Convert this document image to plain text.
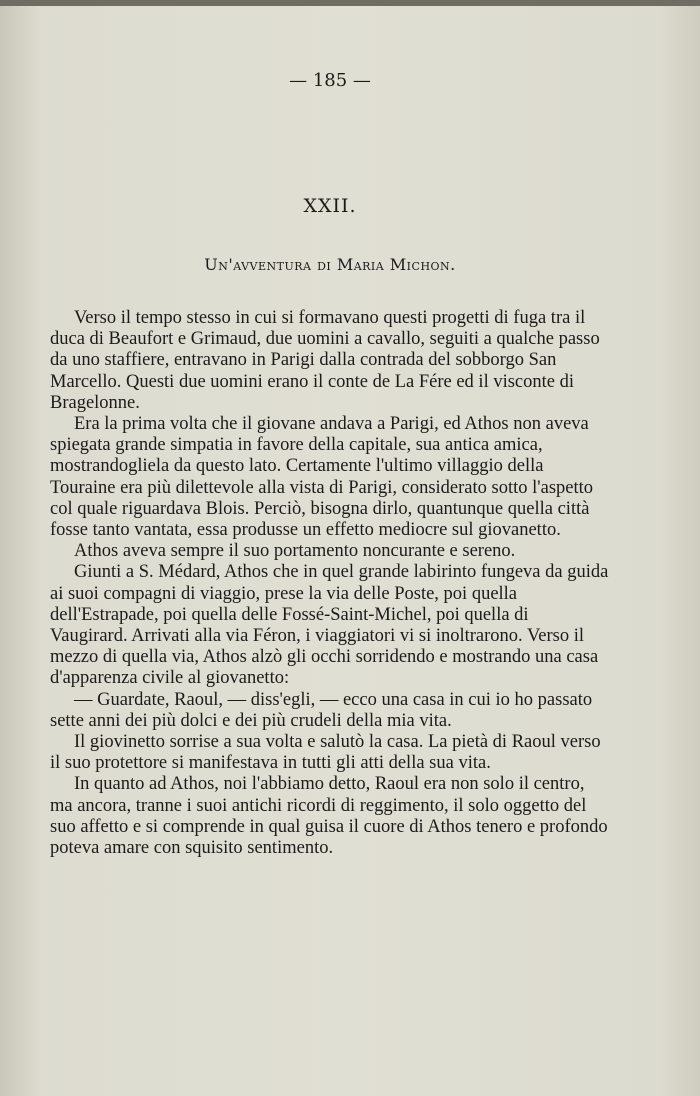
— 185 —
XXII.
Un'avventura di Maria Michon.

Verso il tempo stesso in cui si formavano questi progetti di fuga tra il duca di Beaufort e Grimaud, due uomini a cavallo, seguiti a qualche passo da uno staffiere, entravano in Parigi dalla contrada del sobborgo San Marcello. Questi due uomini erano il conte de La Fére ed il visconte di Bragelonne.

Era la prima volta che il giovane andava a Parigi, ed Athos non aveva spiegata grande simpatia in favore della capitale, sua antica amica, mostrandogliela da questo lato. Certamente l'ultimo villaggio della Touraine era più dilettevole alla vista di Parigi, considerato sotto l'aspetto col quale riguardava Blois. Perciò, bisogna dirlo, quantunque quella città fosse tanto vantata, essa produsse un effetto mediocre sul giovanetto.

Athos aveva sempre il suo portamento noncurante e sereno.

Giunti a S. Médard, Athos che in quel grande labirinto fungeva da guida ai suoi compagni di viaggio, prese la via delle Poste, poi quella dell'Estrapade, poi quella delle Fossé-Saint-Michel, poi quella di Vaugirard. Arrivati alla via Féron, i viaggiatori vi si inoltrarono. Verso il mezzo di quella via, Athos alzò gli occhi sorridendo e mostrando una casa d'apparenza civile al giovanetto:

— Guardate, Raoul, — diss'egli, — ecco una casa in cui io ho passato sette anni dei più dolci e dei più crudeli della mia vita.

Il giovinetto sorrise a sua volta e salutò la casa. La pietà di Raoul verso il suo protettore si manifestava in tutti gli atti della sua vita.

In quanto ad Athos, noi l'abbiamo detto, Raoul era non solo il centro, ma ancora, tranne i suoi antichi ricordi di reggimento, il solo oggetto del suo affetto e si comprende in qual guisa il cuore di Athos tenero e profondo poteva amare con squisito sentimento.
